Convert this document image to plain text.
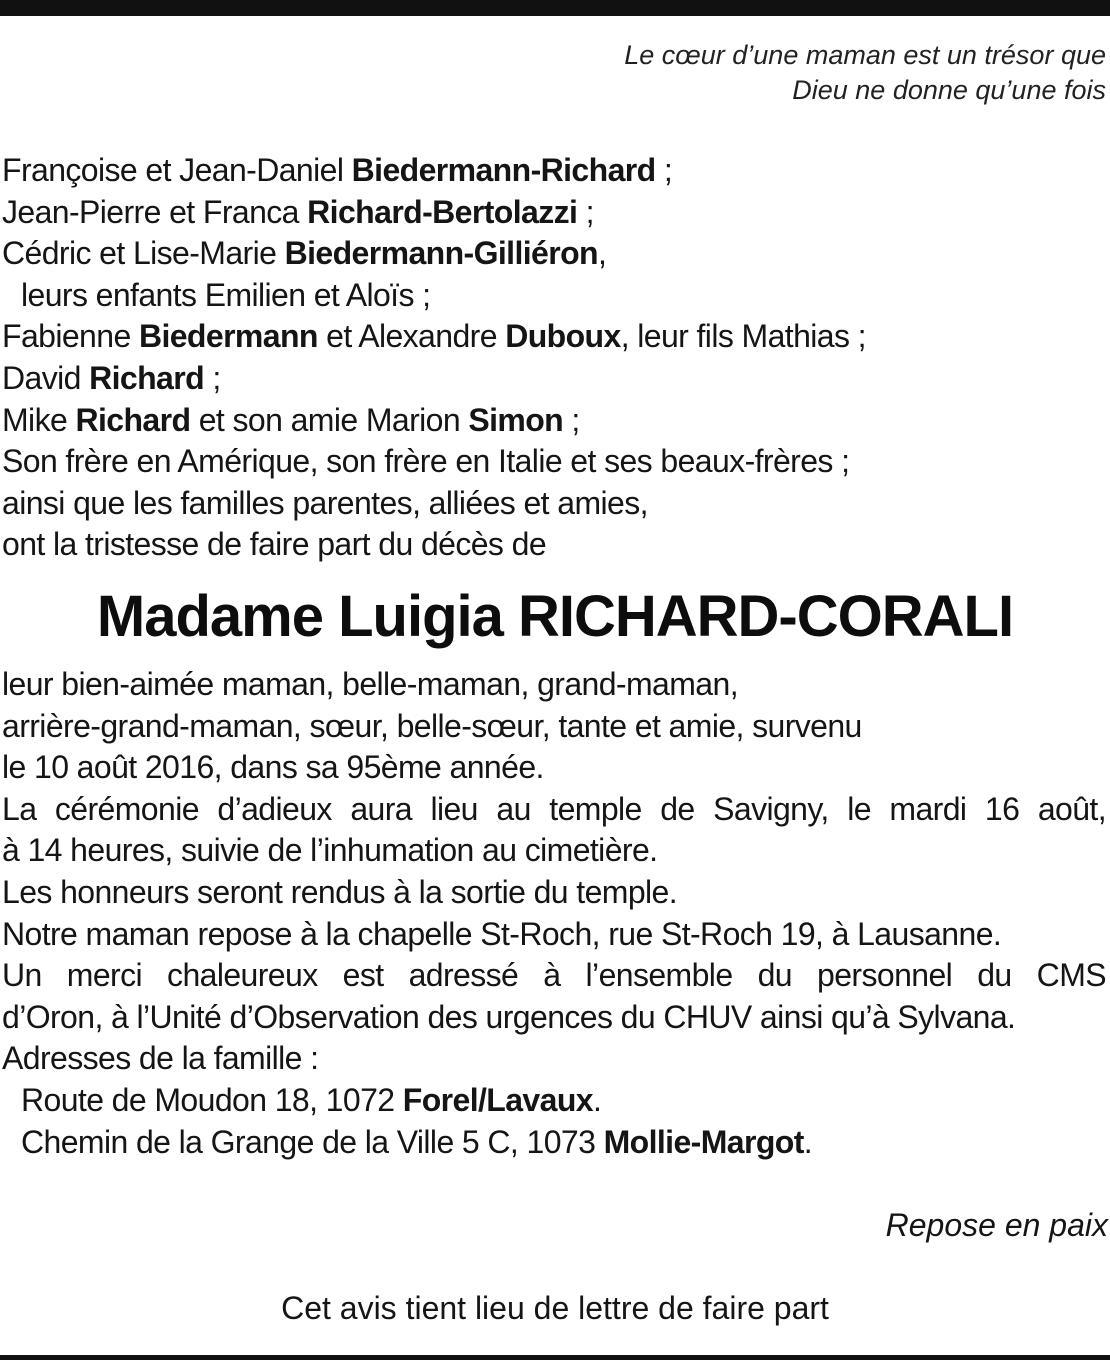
Le cœur d’une maman est un trésor que
Dieu ne donne qu’une fois
Françoise et Jean-Daniel Biedermann-Richard ;
Jean-Pierre et Franca Richard-Bertolazzi ;
Cédric et Lise-Marie Biedermann-Gilliéron,
leurs enfants Emilien et Aloïs ;
Fabienne Biedermann et Alexandre Duboux, leur fils Mathias ;
David Richard ;
Mike Richard et son amie Marion Simon ;
Son frère en Amérique, son frère en Italie et ses beaux-frères ;
ainsi que les familles parentes, alliées et amies,
ont la tristesse de faire part du décès de
Madame Luigia RICHARD-CORALI
leur bien-aimée maman, belle-maman, grand-maman,
arrière-grand-maman, sœur, belle-sœur, tante et amie, survenu
le 10 août 2016, dans sa 95ème année.
La cérémonie d’adieux aura lieu au temple de Savigny, le mardi 16 août,
à 14 heures, suivie de l’inhumation au cimetière.
Les honneurs seront rendus à la sortie du temple.
Notre maman repose à la chapelle St-Roch, rue St-Roch 19, à Lausanne.
Un merci chaleureux est adressé à l’ensemble du personnel du CMS
d’Oron, à l’Unité d’Observation des urgences du CHUV ainsi qu’à Sylvana.
Adresses de la famille :
Route de Moudon 18, 1072 Forel/Lavaux.
Chemin de la Grange de la Ville 5 C, 1073 Mollie-Margot.
Repose en paix
Cet avis tient lieu de lettre de faire part
